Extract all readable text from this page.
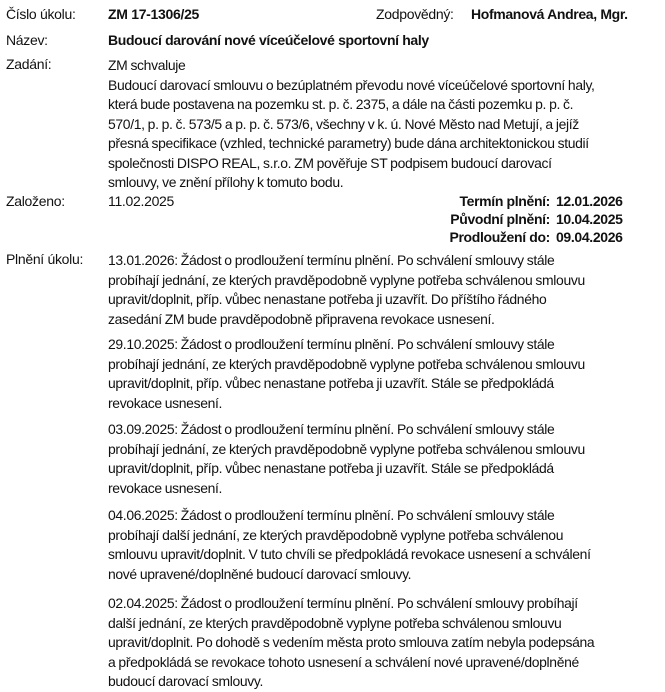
Číslo úkolu: ZM 17-1306/25	Zodpovědný: Hofmanová Andrea, Mgr.
Název:	Budoucí darování nové víceúčelové sportovní haly
Zadání:	ZM schvaluje

Budoucí darovací smlouvu o bezúplatném převodu nové víceúčelové sportovní haly,

která bude postavena na pozemku st. p. č. 2375, a dále na části pozemku p. p. č.

570/1, p. p. č. 573/5 a p. p. č. 573/6, všechny v k. ú. Nové Město nad Metují, a jejíž

přesná specifikace (vzhled, technické parametry) bude dána architektonickou studií

společnosti DISPO REAL, s.r.o. ZM pověřuje ST podpisem budoucí darovací

smlouvy, ve znění přílohy k tomuto bodu.

Založeno:	11.02.2025	Termín plnění: 12.01.2026
Původní plnění: 10.04.2025
Prodloužení do: 09.04.2026
Plnění úkolu: 13.01.2026: Žádost o prodloužení termínu plnění. Po schválení smlouvy stále

probíhají jednání, ze kterých pravděpodobně vyplyne potřeba schválenou smlouvu

upravit/doplnit, příp. vůbec nenastane potřeba ji uzavřít. Do příštího řádného

zasedání ZM bude pravděpodobně připravena revokace usnesení.

29.10.2025: Žádost o prodloužení termínu plnění. Po schválení smlouvy stále

probíhají jednání, ze kterých pravděpodobně vyplyne potřeba schválenou smlouvu

upravit/doplnit, příp. vůbec nenastane potřeba ji uzavřít. Stále se předpokládá

revokace usnesení.

03.09.2025: Žádost o prodloužení termínu plnění. Po schválení smlouvy stále

probíhají jednání, ze kterých pravděpodobně vyplyne potřeba schválenou smlouvu

upravit/doplnit, příp. vůbec nenastane potřeba ji uzavřít. Stále se předpokládá

revokace usnesení.

04.06.2025: Žádost o prodloužení termínu plnění. Po schválení smlouvy stále

probíhají další jednání, ze kterých pravděpodobně vyplyne potřeba schválenou

smlouvu upravit/doplnit. V tuto chvíli se předpokládá revokace usnesení a schválení

nové upravené/doplněné budoucí darovací smlouvy.

02.04.2025: Žádost o prodloužení termínu plnění. Po schválení smlouvy probíhají

další jednání, ze kterých pravděpodobně vyplyne potřeba schválenou smlouvu

upravit/doplnit. Po dohodě s vedením města proto smlouva zatím nebyla podepsána

a předpokládá se revokace tohoto usnesení a schválení nové upravené/doplněné

budoucí darovací smlouvy.
